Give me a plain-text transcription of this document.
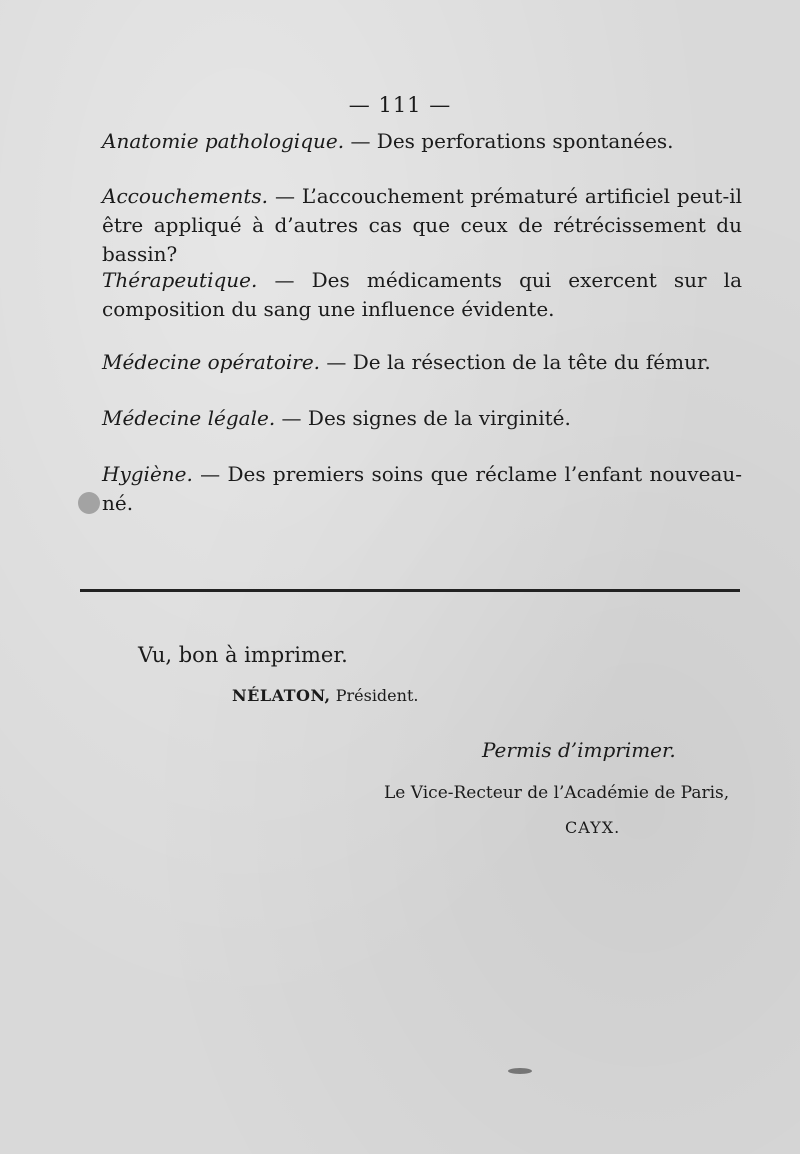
— 111 —
Anatomie pathologique. — Des perforations spontanées.
Accouchements. — L’accouchement prématuré artificiel peut-il être appliqué à d’autres cas que ceux de rétrécissement du bassin?
Thérapeutique. — Des médicaments qui exercent sur la composition du sang une influence évidente.
Médecine opératoire. — De la résection de la tête du fémur.
Médecine légale. — Des signes de la virginité.
Hygiène. — Des premiers soins que réclame l’enfant nouveau-né.
Vu, bon à imprimer.
NÉLATON, Président.
Permis d’imprimer.
Le Vice-Recteur de l’Académie de Paris,
CAYX.
